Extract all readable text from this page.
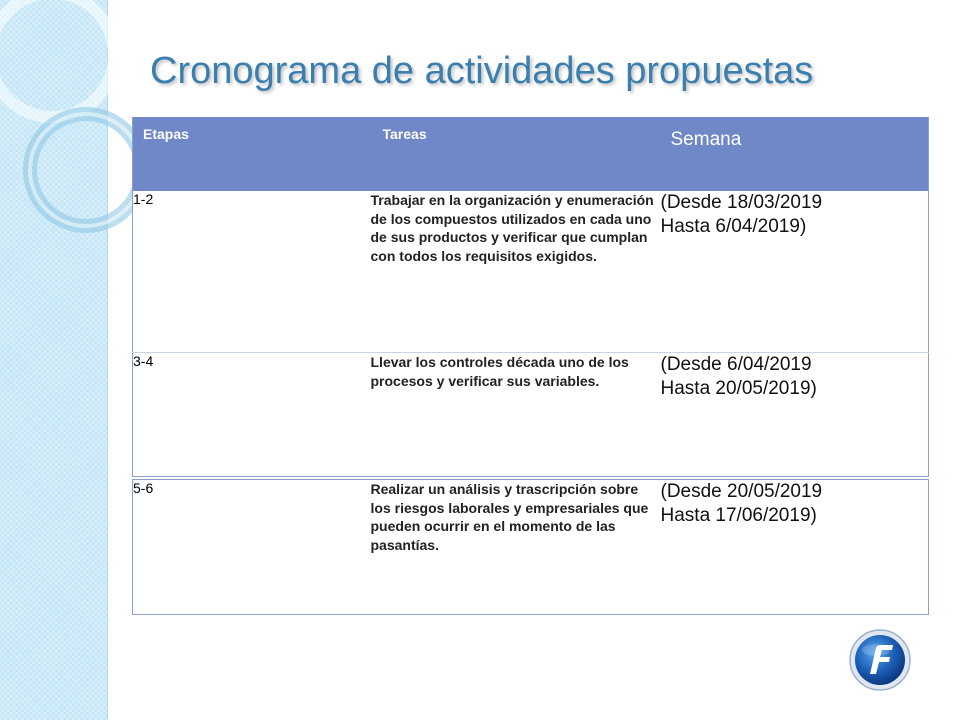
Cronograma de actividades propuestas
Etapas	Tareas	Semana
1-2	Trabajar en la organización y enumeración de los compuestos utilizados en cada uno de sus productos y verificar que cumplan con todos los requisitos exigidos.	(Desde 18/03/2019
Hasta 6/04/2019)

3-4	Llevar los controles década uno de los procesos y verificar sus variables.	(Desde 6/04/2019
Hasta 20/05/2019)

5-6	Realizar un análisis y trascripción sobre los riesgos laborales y empresariales que pueden ocurrir en el momento de las pasantías.	(Desde 20/05/2019
Hasta 17/06/2019)
